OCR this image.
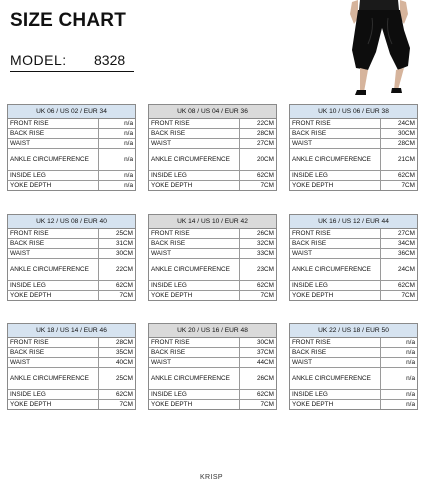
SIZE CHART
MODEL: 8328
UK 06 / US 02 / EUR 34
FRONT RISE	n/a
BACK RISE	n/a
WAIST	n/a
ANKLE CIRCUMFERENCE	n/a
INSIDE LEG	n/a
YOKE DEPTH	n/a
UK 08 / US 04 / EUR 36
FRONT RISE	22CM
BACK RISE	28CM
WAIST	27CM
ANKLE CIRCUMFERENCE	20CM
INSIDE LEG	62CM
YOKE DEPTH	7CM
UK 10 / US 06 / EUR 38
FRONT RISE	24CM
BACK RISE	30CM
WAIST	28CM
ANKLE CIRCUMFERENCE	21CM
INSIDE LEG	62CM
YOKE DEPTH	7CM
UK 12 / US 08 / EUR 40
FRONT RISE	25CM
BACK RISE	31CM
WAIST	30CM
ANKLE CIRCUMFERENCE	22CM
INSIDE LEG	62CM
YOKE DEPTH	7CM
UK 14 / US 10 / EUR 42
FRONT RISE	26CM
BACK RISE	32CM
WAIST	33CM
ANKLE CIRCUMFERENCE	23CM
INSIDE LEG	62CM
YOKE DEPTH	7CM
UK 16 / US 12 / EUR 44
FRONT RISE	27CM
BACK RISE	34CM
WAIST	36CM
ANKLE CIRCUMFERENCE	24CM
INSIDE LEG	62CM
YOKE DEPTH	7CM
UK 18 / US 14 / EUR 46
FRONT RISE	28CM
BACK RISE	35CM
WAIST	40CM
ANKLE CIRCUMFERENCE	25CM
INSIDE LEG	62CM
YOKE DEPTH	7CM
UK 20 / US 16 / EUR 48
FRONT RISE	30CM
BACK RISE	37CM
WAIST	44CM
ANKLE CIRCUMFERENCE	26CM
INSIDE LEG	62CM
YOKE DEPTH	7CM
UK 22 / US 18 / EUR 50
FRONT RISE	n/a
BACK RISE	n/a
WAIST	n/a
ANKLE CIRCUMFERENCE	n/a
INSIDE LEG	n/a
YOKE DEPTH	n/a
KRISP
